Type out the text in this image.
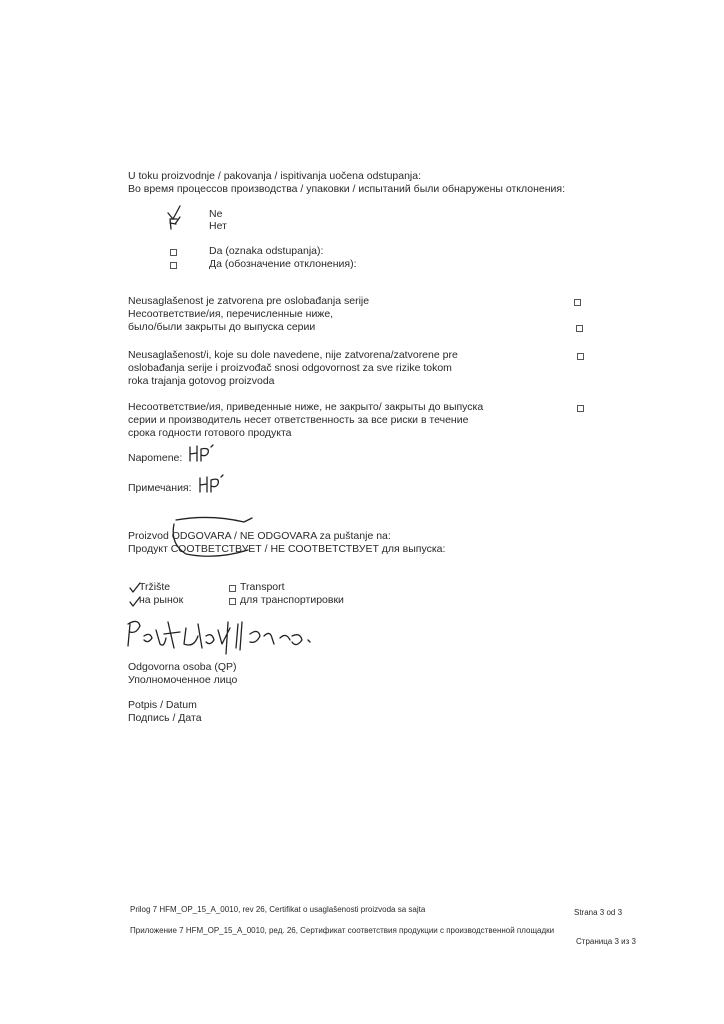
U toku proizvodnje / pakovanja / ispitivanja uočena odstupanja:
Во время процессов производства / упаковки / испытаний были обнаружены отклонения:
Ne
Нет
Da (oznaka odstupanja):
Да (обозначение отклонения):
Neusaglašenost je zatvorena pre oslobađanja serije
Несоответствие/ия, перечисленные ниже,
было/были закрыты до выпуска серии
Neusaglašenost/i, koje su dole navedene, nije zatvorena/zatvorene pre
oslobađanja serije i proizvođač snosi odgovornost za sve rizike tokom
roka trajanja gotovog proizvoda
Несоответствие/ия, приведенные ниже, не закрыто/ закрыты до выпуска
серии и производитель несет ответственность за все риски в течение
срока годности готового продукта
Napomene:
Примечания:
Proizvod ODGOVARA / NE ODGOVARA za puštanje na:
Продукт СООТВЕТСТВУЕТ / НЕ СООТВЕТСТВУЕТ для выпуска:
Tržište
на рынок
Transport
для транспортировки
Odgovorna osoba (QP)
Уполномоченное лицо
Potpis / Datum
Подпись / Дата
Prilog 7 HFM_OP_15_A_0010, rev 26, Certifikat o usaglašenosti proizvoda sa sajta	Strana 3 od 3
Приложение 7 HFM_OP_15_A_0010, ред. 26, Сертификат соответствия продукции с производственной площадки
Страница 3 из 3
